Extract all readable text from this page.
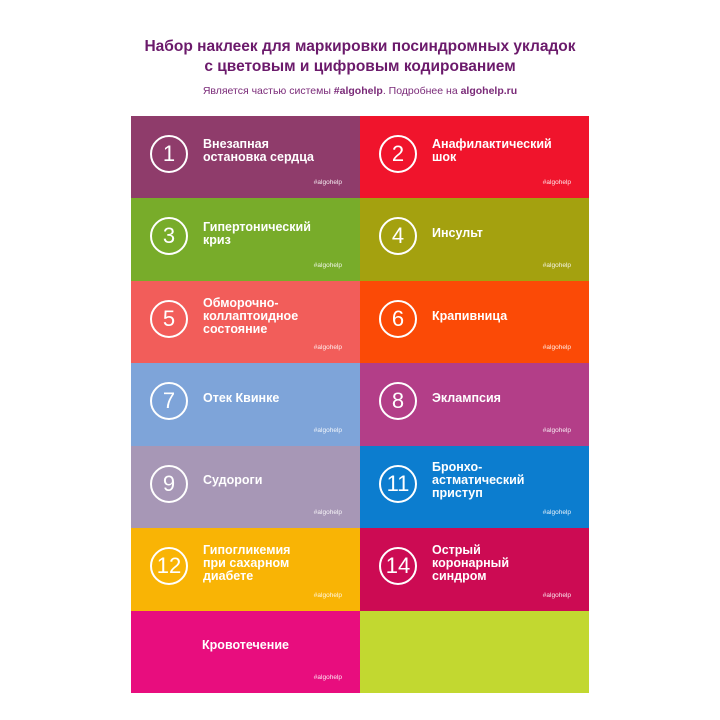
Набор наклеек для маркировки посиндромных укладок
с цветовым и цифровым кодированием
Является частью системы #algohelp. Подробнее на algohelp.ru
1	Внезапная
остановка сердца
#algohelp
2	Анафилактический
шок
#algohelp
3	Гипертонический
криз
#algohelp
4	Инсульт
#algohelp
5
Обморочно-
коллаптоидное
состояние
#algohelp
6	Крапивница
#algohelp
7	Отек Квинке
#algohelp
8	Эклампсия
#algohelp
9	Судороги
#algohelp
11
Бронхо-
астматический
приступ
#algohelp
12
Гипогликемия
при сахарном
диабете
#algohelp
14
Острый
коронарный
синдром
#algohelp
Кровотечение
#algohelp
